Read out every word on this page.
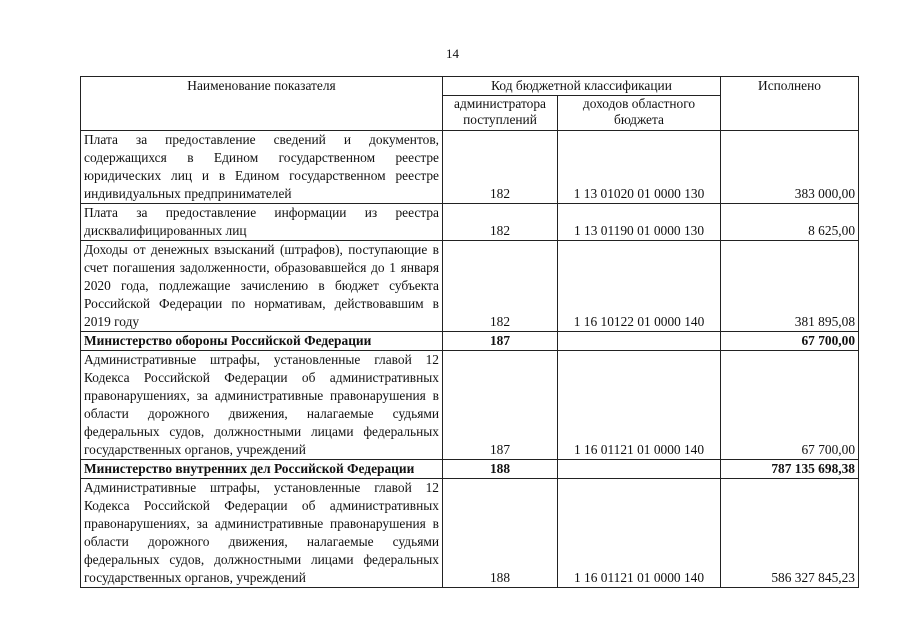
14
Наименование показателя	Код бюджетной классификации		Исполнено
	администратора поступлений	доходов областного бюджета	
Плата за предоставление сведений и документов, содержащихся в Едином государственном реестре юридических лиц и в Едином государственном реестре индивидуальных предпринимателей	182	1 13 01020 01 0000 130	383 000,00
Плата за предоставление информации из реестра дисквалифицированных лиц	182	1 13 01190 01 0000 130	8 625,00
Доходы от денежных взысканий (штрафов), поступающие в счет погашения задолженности, образовавшейся до 1 января 2020 года, подлежащие зачислению в бюджет субъекта Российской Федерации по нормативам, действовавшим в 2019 году	182	1 16 10122 01 0000 140	381 895,08
Министерство обороны Российской Федерации	187		67 700,00
Административные штрафы, установленные главой 12 Кодекса Российской Федерации об административных правонарушениях, за административные правонарушения в области дорожного движения, налагаемые судьями федеральных судов, должностными лицами федеральных государственных органов, учреждений	187	1 16 01121 01 0000 140	67 700,00
Министерство внутренних дел Российской Федерации	188		787 135 698,38
Административные штрафы, установленные главой 12 Кодекса Российской Федерации об административных правонарушениях, за административные правонарушения в области дорожного движения, налагаемые судьями федеральных судов, должностными лицами федеральных государственных органов, учреждений	188	1 16 01121 01 0000 140	586 327 845,23
